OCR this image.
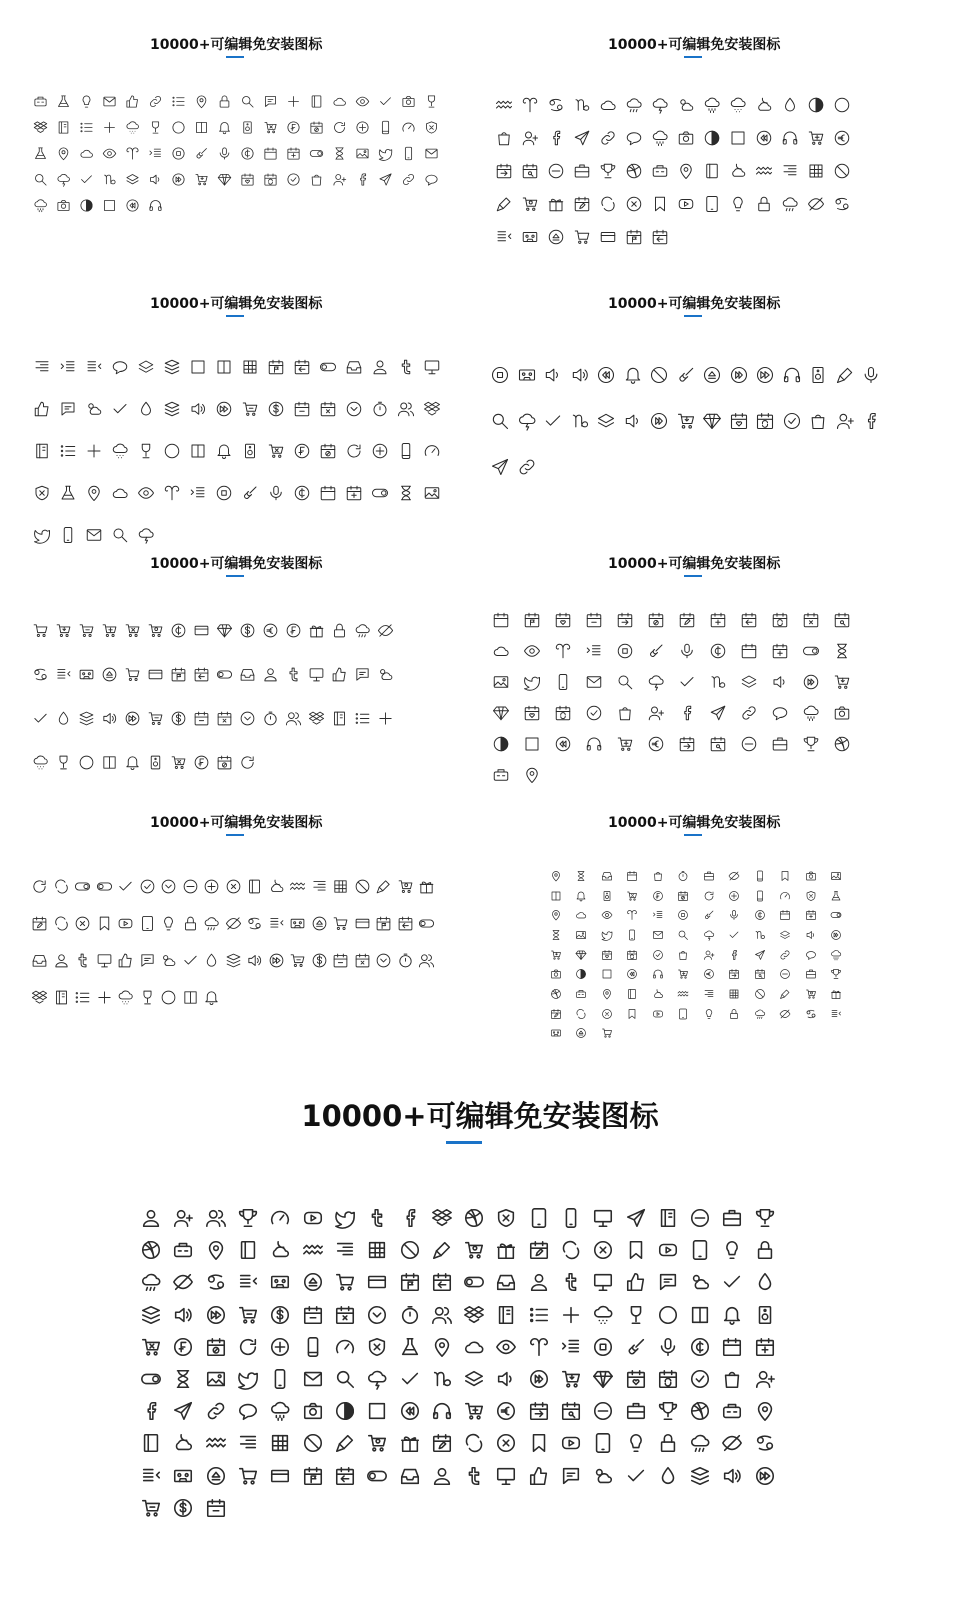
10000+可编辑免安装图标	10000+可编辑免安装图标
10000+可编辑免安装图标	10000+可编辑免安装图标
10000+可编辑免安装图标	10000+可编辑免安装图标
10000+可编辑免安装图标	10000+可编辑免安装图标
10000+可编辑免安装图标
